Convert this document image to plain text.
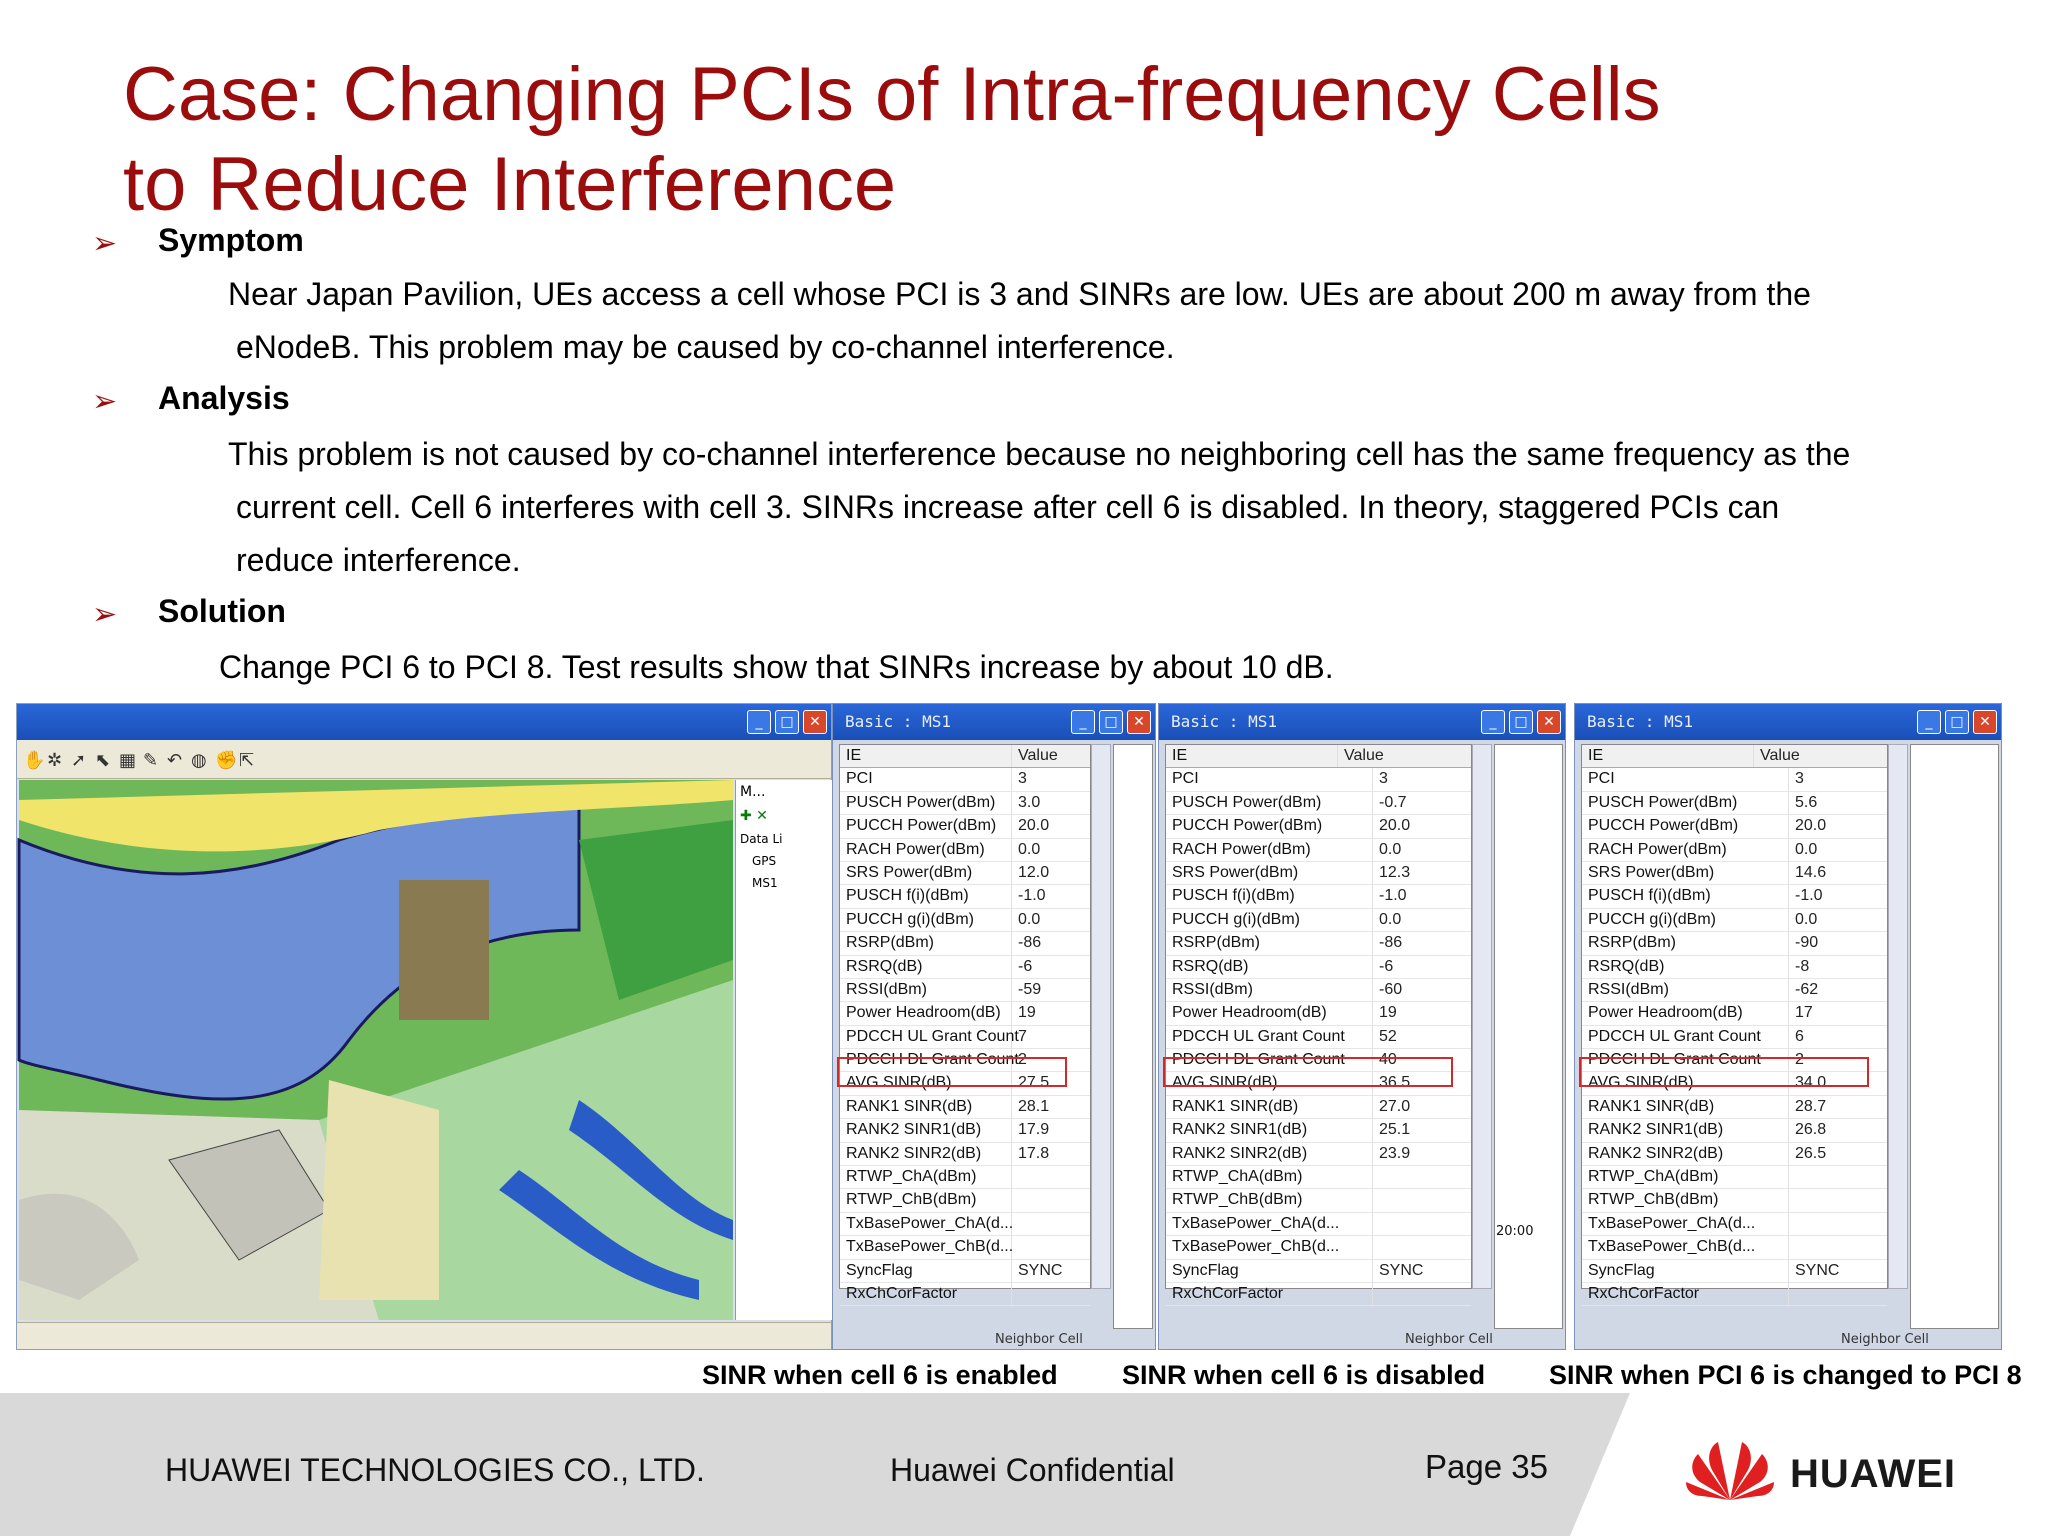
Case: Changing PCIs of Intra-frequency Cells
to Reduce Interference
➢ Symptom
Near Japan Pavilion, UEs access a cell whose PCI is 3 and SINRs are low. UEs are about 200 m away from the
eNodeB. This problem may be caused by co-channel interference.
➢ Analysis
This problem is not caused by co-channel interference because no neighboring cell has the same frequency as the
current cell. Cell 6 interferes with cell 3. SINRs increase after cell 6 is disabled. In theory, staggered PCIs can
reduce interference.
➢ Solution
Change PCI 6 to PCI 8. Test results show that SINRs increase by about 10 dB.
_	□	✕
✋ ✲ ➚ ⬉ ▦ ✎ ↶ ◍ ✊ ⇱
M...
✚ ✕
Data Li
GPS
MS1
Basic : MS1	_	□	✕
IE	Value
PCI	3
PUSCH Power(dBm)	3.0
PUCCH Power(dBm)	20.0
RACH Power(dBm)	0.0
SRS Power(dBm)	12.0
PUSCH f(i)(dBm)	-1.0
PUCCH g(i)(dBm)	0.0
RSRP(dBm)	-86
RSRQ(dB)	-6
RSSI(dBm)	-59
Power Headroom(dB)	19
PDCCH UL Grant Count 7
PDCCH DL Grant Count 2
AVG SINR(dB)	27.5
RANK1 SINR(dB)	28.1
RANK2 SINR1(dB)	17.9
RANK2 SINR2(dB)	17.8
RTWP_ChA(dBm)
RTWP_ChB(dBm)
TxBasePower_ChA(d...
TxBasePower_ChB(d...
SyncFlag	SYNC
RxChCorFactor
Neighbor Cell
Basic : MS1	_	□	✕
IE	Value
PCI	3
PUSCH Power(dBm)	-0.7
PUCCH Power(dBm)	20.0
RACH Power(dBm)	0.0
SRS Power(dBm)	12.3
PUSCH f(i)(dBm)	-1.0
PUCCH g(i)(dBm)	0.0
RSRP(dBm)	-86
RSRQ(dB)	-6
RSSI(dBm)	-60
Power Headroom(dB)	19
PDCCH UL Grant Count	52
PDCCH DL Grant Count	40
AVG SINR(dB)	36.5
RANK1 SINR(dB)	27.0
RANK2 SINR1(dB)	25.1
RANK2 SINR2(dB)	23.9
RTWP_ChA(dBm)
RTWP_ChB(dBm)
TxBasePower_ChA(d...
TxBasePower_ChB(d...
SyncFlag	SYNC
RxChCorFactor
20:00
Neighbor Cell
Basic : MS1	_	□	✕
IE	Value
PCI	3
PUSCH Power(dBm)	5.6
PUCCH Power(dBm)	20.0
RACH Power(dBm)	0.0
SRS Power(dBm)	14.6
PUSCH f(i)(dBm)	-1.0
PUCCH g(i)(dBm)	0.0
RSRP(dBm)	-90
RSRQ(dB)	-8
RSSI(dBm)	-62
Power Headroom(dB)	17
PDCCH UL Grant Count	6
PDCCH DL Grant Count	2
AVG SINR(dB)	34.0
RANK1 SINR(dB)	28.7
RANK2 SINR1(dB)	26.8
RANK2 SINR2(dB)	26.5
RTWP_ChA(dBm)
RTWP_ChB(dBm)
TxBasePower_ChA(d...
TxBasePower_ChB(d...
SyncFlag	SYNC
RxChCorFactor
Neighbor Cell
SINR when cell 6 is enabled SINR when cell 6 is disabled SINR when PCI 6 is changed to PCI 8
HUAWEI TECHNOLOGIES CO., LTD.	Huawei Confidential	Page 35	HUAWEI
